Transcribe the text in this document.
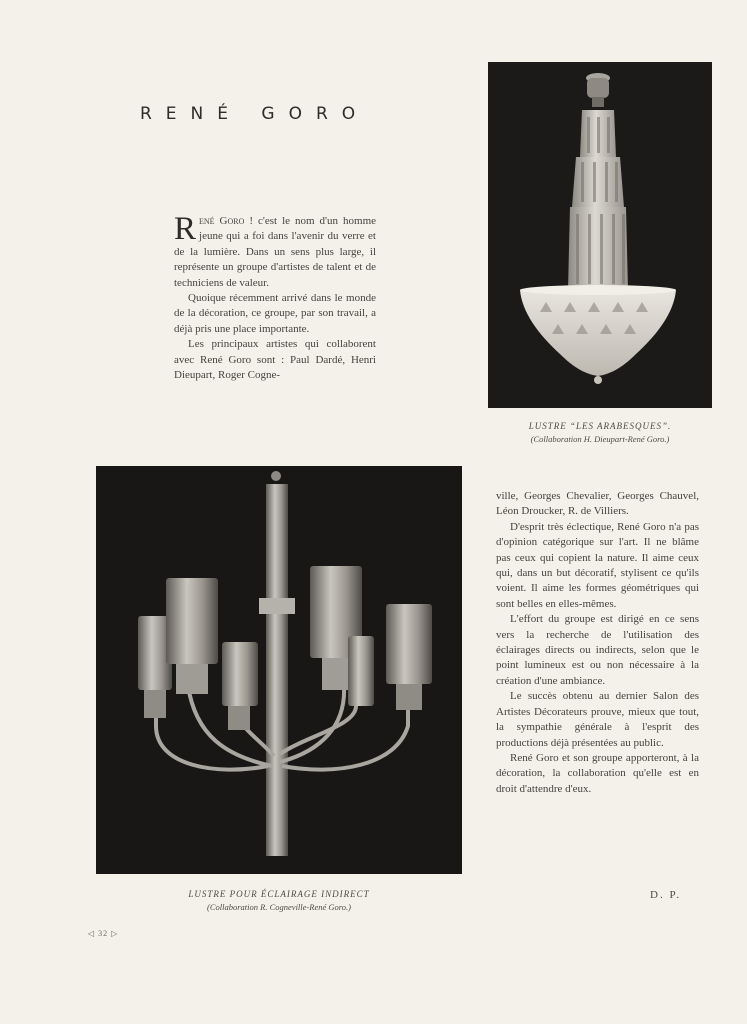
RENÉ GORO

René Goro ! c'est le nom d'un homme jeune qui a foi dans l'avenir du verre et de la lumière. Dans un sens plus large, il représente un groupe d'artistes de talent et de techniciens de valeur.

Quoique récemment arrivé dans le monde de la décoration, ce groupe, par son travail, a déjà pris une place importante.

Les principaux artistes qui collaborent avec René Goro sont : Paul Dardé, Henri Dieupart, Roger Cogne-

LUSTRE “LES ARABESQUES”.
(Collaboration H. Dieupart-René Goro.)
LUSTRE POUR ÉCLAIRAGE INDIRECT
(Collaboration R. Cogneville-René Goro.)

ville, Georges Chevalier, Georges Chauvel, Léon Droucker, R. de Villiers.

D'esprit très éclectique, René Goro n'a pas d'opinion catégorique sur l'art. Il ne blâme pas ceux qui copient la nature. Il aime ceux qui, dans un but décoratif, stylisent ce qu'ils voient. Il aime les formes géométriques qui sont belles en elles-mêmes.

L'effort du groupe est dirigé en ce sens vers la recherche de l'utilisation des éclairages directs ou indirects, selon que le point lumineux est ou non nécessaire à la création d'une ambiance.

Le succès obtenu au dernier Salon des Artistes Décorateurs prouve, mieux que tout, la sympathie générale à l'esprit des productions déjà présentées au public.

René Goro et son groupe apporteront, à la décoration, la collaboration qu'elle est en droit d'attendre d'eux.

D. P.
◁ 32 ▷
